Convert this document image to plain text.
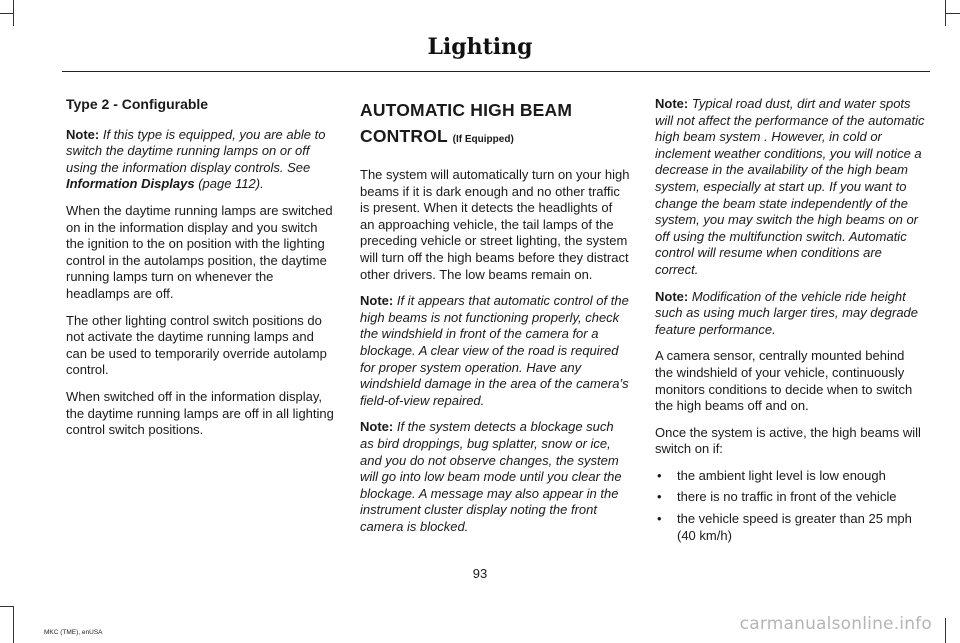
Lighting
Type 2 - Configurable

Note: If this type is equipped, you are able to switch the daytime running lamps on or off using the information display controls. See Information Displays (page 112).

When the daytime running lamps are switched on in the information display and you switch the ignition to the on position with the lighting control in the autolamps position, the daytime running lamps turn on whenever the headlamps are off.

The other lighting control switch positions do not activate the daytime running lamps and can be used to temporarily override autolamp control.

When switched off in the information display, the daytime running lamps are off in all lighting control switch positions.

AUTOMATIC HIGH BEAM
CONTROL (If Equipped)

The system will automatically turn on your high beams if it is dark enough and no other traffic is present. When it detects the headlights of an approaching vehicle, the tail lamps of the preceding vehicle or street lighting, the system will turn off the high beams before they distract other drivers. The low beams remain on.

Note: If it appears that automatic control of the high beams is not functioning properly, check the windshield in front of the camera for a blockage. A clear view of the road is required for proper system operation. Have any windshield damage in the area of the camera’s field-of-view repaired.

Note: If the system detects a blockage such as bird droppings, bug splatter, snow or ice, and you do not observe changes, the system will go into low beam mode until you clear the blockage. A message may also appear in the instrument cluster display noting the front camera is blocked.

Note: Typical road dust, dirt and water spots will not affect the performance of the automatic high beam system . However, in cold or inclement weather conditions, you will notice a decrease in the availability of the high beam system, especially at start up. If you want to change the beam state independently of the system, you may switch the high beams on or off using the multifunction switch. Automatic control will resume when conditions are correct.

Note: Modification of the vehicle ride height such as using much larger tires, may degrade feature performance.

A camera sensor, centrally mounted behind the windshield of your vehicle, continuously monitors conditions to decide when to switch the high beams off and on.

Once the system is active, the high beams will switch on if:

• the ambient light level is low enough
• there is no traffic in front of the vehicle
• the vehicle speed is greater than 25 mph (40 km/h)
93
MKC (TME), enUSA	carmanualsonline.info
